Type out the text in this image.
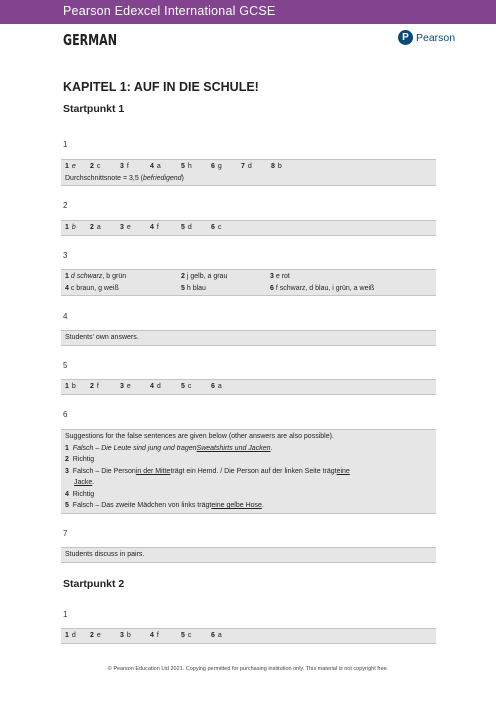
Pearson Edexcel International GCSE
GERMAN	P Pearson
KAPITEL 1: AUF IN DIE SCHULE!
Startpunkt 1
1
1 e	2 c	3 f	4 a	5 h	6 g	7 d	8 b
Durchschnittsnote = 3,5 ( befriedigend )
2
1 b	2 a	3 e	4 f	5 d	6 c
3
1 d schwarz, b grün	2 j gelb, a grau	3 e rot
4 c braun, g weiß	5 h blau	6 f schwarz, d blau, i grün, a weiß
4
Students’ own answers.
5
1 b	2 f	3 e	4 d	5 c	6 a
6
Suggestions for the false sentences are given below (other answers are also possible).
1
Falsch – Die Leute sind jung und tragen Sweatshirts und Jacken .
2
Richtig
3
Falsch – Die Person in der Mitte trägt ein Hemd. / Die Person auf der linken Seite trägt eine
Jacke .
4
Richtig
5
Falsch – Das zweite Mädchen von links trägt eine gelbe Hose .
7
Students discuss in pairs.
Startpunkt 2
1
1 d	2 e	3 b	4 f	5 c	6 a
© Pearson Education Ltd 2021. Copying permitted for purchasing institution only. This material is not copyright free.
